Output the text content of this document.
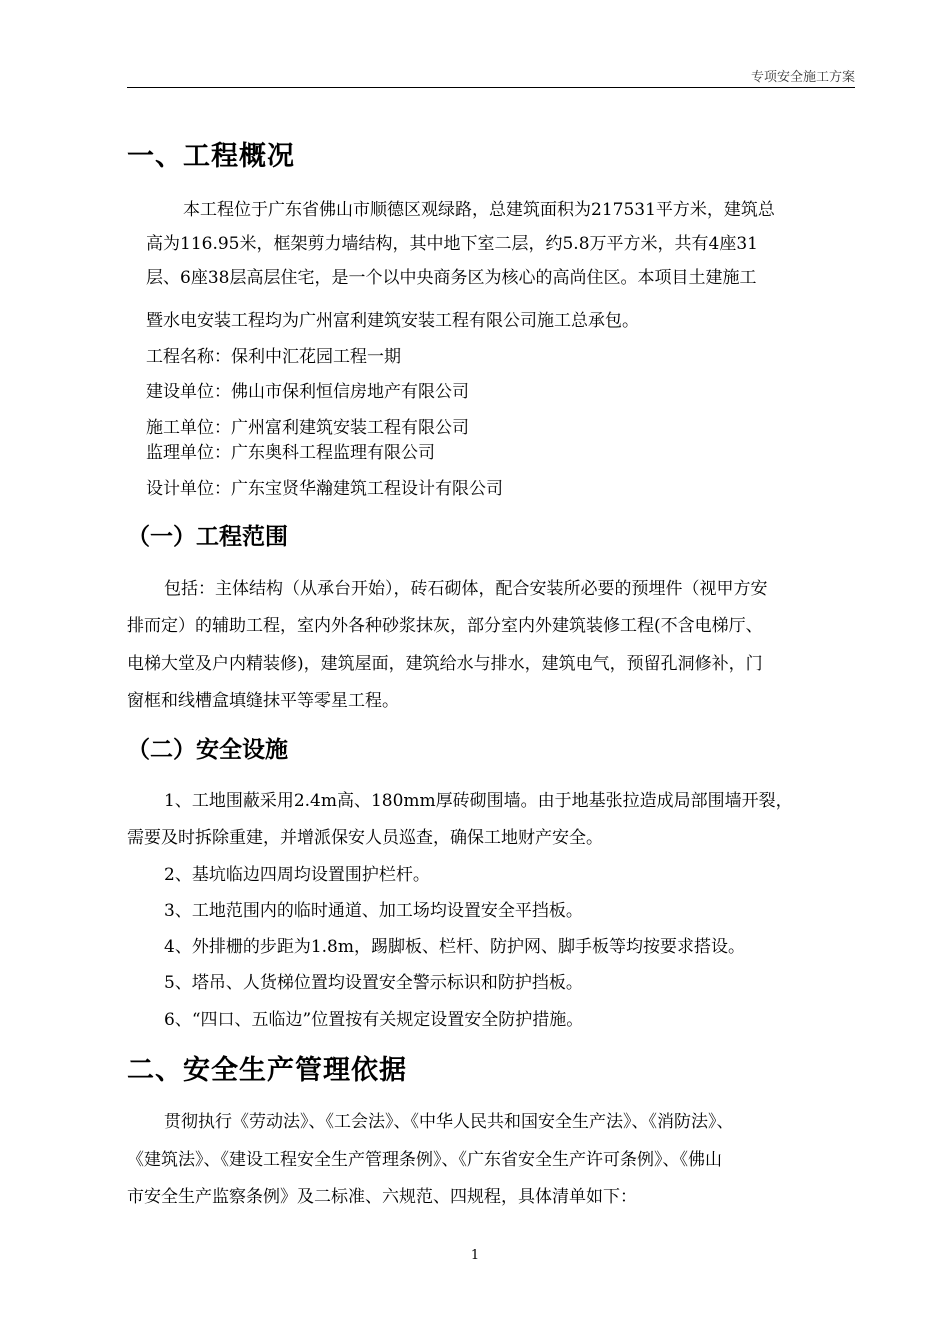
专项安全施工方案
一、工程概况
本工程位于广东省佛山市顺德区观绿路，总建筑面积为217531平方米，建筑总
高为116.95米，框架剪力墙结构，其中地下室二层，约5.8万平方米，共有4座31
层、6座38层高层住宅，是一个以中央商务区为核心的高尚住区。本项目土建施工
暨水电安装工程均为广州富利建筑安装工程有限公司施工总承包。
工程名称：保利中汇花园工程一期
建设单位：佛山市保利恒信房地产有限公司
施工单位：广州富利建筑安装工程有限公司
监理单位：广东奥科工程监理有限公司
设计单位：广东宝贤华瀚建筑工程设计有限公司
（一）工程范围
包括：主体结构（从承台开始），砖石砌体，配合安装所必要的预埋件（视甲方安
排而定）的辅助工程，室内外各种砂浆抹灰，部分室内外建筑装修工程(不含电梯厅、
电梯大堂及户内精装修)，建筑屋面，建筑给水与排水，建筑电气，预留孔洞修补，门
窗框和线槽盒填缝抹平等零星工程。
（二）安全设施
1、工地围蔽采用2.4m高、180mm厚砖砌围墙。由于地基张拉造成局部围墙开裂，
需要及时拆除重建，并增派保安人员巡查，确保工地财产安全。
2、基坑临边四周均设置围护栏杆。
3、工地范围内的临时通道、加工场均设置安全平挡板。
4、外排栅的步距为1.8m，踢脚板、栏杆、防护网、脚手板等均按要求搭设。
5、塔吊、人货梯位置均设置安全警示标识和防护挡板。
6、“四口、五临边”位置按有关规定设置安全防护措施。
二、安全生产管理依据
贯彻执行《劳动法》、《工会法》、《中华人民共和国安全生产法》、《消防法》、
《建筑法》、《建设工程安全生产管理条例》、《广东省安全生产许可条例》、《佛山
市安全生产监察条例》及二标准、六规范、四规程，具体清单如下：
1
